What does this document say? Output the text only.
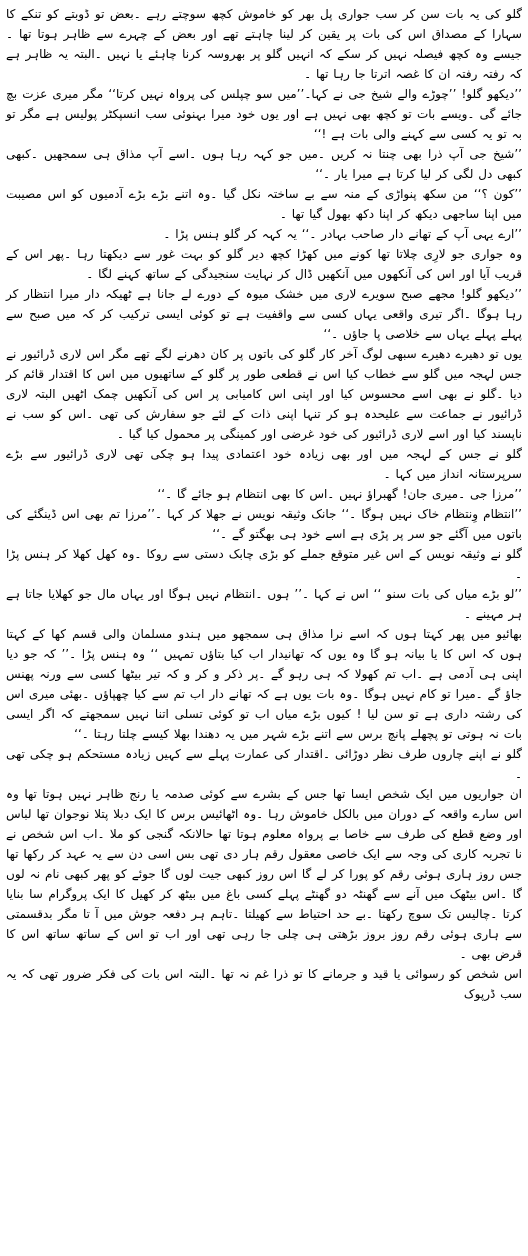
گلو کی یہ بات سن کر سب جواری پل بھر کو خاموش کچھ سوچتے رہے ۔بعض تو ڈوبتے کو تنکے کا سہارا کے مصداق اس کی بات پر یقین کر لینا چاہتے تھے اور بعض کے چہرے سے ظاہر ہوتا تھا ۔جیسے وہ کچھ فیصلہ نہیں کر سکے کہ انہیں گلو پر بھروسہ کرنا چاہئے یا نہیں ۔البتہ یہ ظاہر ہے کہ رفتہ رفتہ ان کا غصہ اترتا جا رہا تھا ۔

’’دیکھو گلو! ’’چوڑے والے شیخ جی نے کہا۔’’میں سو چپلس کی پرواہ نہیں کرتا‘‘ مگر میری عزت بچ جائے گی ۔ویسے بات تو کچھ بھی نہیں ہے اور یوں خود میرا بہنوئی سب انسپکٹر پولیس ہے مگر تو بہ تو یہ کسی سے کہنے والی بات ہے !‘‘

’’شیخ جی آپ ذرا بھی چنتا نہ کریں ۔میں جو کہہ رہا ہوں ۔اسے آپ مذاق ہی سمجھیں ۔کبھی کبھی دل لگی کر لیا کرتا ہے میرا یار ۔‘‘

’’کون ؟‘‘ من سکھ پنواڑی کے منہ سے بے ساختہ نکل گیا ۔وہ اتنے بڑے بڑے آدمیوں کو اس مصیبت میں اپنا ساجھی دیکھ کر اپنا دکھ بھول گیا تھا ۔

’’ارے یہی آپ کے تھانے دار صاحب بہادر ۔‘‘ یہ کہہ کر گلو ہنس پڑا ۔

وہ جواری جو لارِی چلاتا تھا کونے میں کھڑا کچھ دیر گلو کو بہت غور سے دیکھتا رہا ۔پھر اس کے قریب آیا اور اس کی آنکھوں میں آنکھیں ڈال کر نہایت سنجیدگی کے ساتھ کہنے لگا ۔

’’دیکھو گلو! مجھے صبح سویرے لاری میں خشک میوہ کے دورے لے جانا ہے ٹھیکہ دار میرا انتظار کر رہا ہوگا ۔اگر تیری واقعی یہاں کسی سے واقفیت ہے تو کوئی ایسی ترکیب کر کہ میں صبح سے پہلے پہلے یہاں سے خلاصی پا جاؤں ۔‘‘

یوں تو دھیرے دھیرے سبھی لوگ آخر کار گلو کی باتوں پر کان دھرنے لگے تھے مگر اس لاری ڈرائیور نے جس لہجہ میں گلو سے خطاب کیا اس نے قطعی طور پر گلو کے ساتھیوں میں اس کا اقتدار قائم کر دیا ۔گلو نے بھی اسے محسوس کیا اور اپنی اس کامیابی پر اس کی آنکھیں چمک اٹھیں البتہ لاری ڈرائیور نے جماعت سے علیحدہ ہو کر تنہا اپنی ذات کے لئے جو سفارش کی تھی ۔اس کو سب نے ناپسند کیا اور اسے لاری ڈرائیور کی خود غرضی اور کمینگی پر محمول کیا گیا ۔

گلو نے جس کے لہجہ میں اور بھی زیادہ خود اعتمادی پیدا ہو چکی تھی لاری ڈرائیور سے بڑے سرپرستانہ انداز میں کہا ۔

’’مرزا جی ۔میری جان! گھبراؤ نہیں ۔اس کا بھی انتظام ہو جائے گا ۔‘‘

’’انتظام وِنتظام خاک نہیں ہوگا ۔‘‘ جانک وثیقہ نویس نے جھلا کر کہا ۔’’مرزا تم بھی اس ڈینگئے کی باتوں میں آگئے جو سر پر پڑی ہے اسے خود ہی بھگتو گے ۔‘‘

گلو نے وثیقہ نویس کے اس غیر متوقع جملے کو بڑی چابک دستی سے روکا ۔وہ کھل کھلا کر ہنس پڑا ۔

’’لو بڑے میاں کی بات سنو ‘‘ اس نے کہا ۔’’ ہوں ۔انتظام نہیں ہوگا اور یہاں مال جو کھلایا جاتا ہے ہر مہینے ۔

بھائیو میں پھر کہتا ہوں کہ اسے نرا مذاق ہی سمجھو میں ہندو مسلمان والی قسم کھا کے کہتا ہوں کہ اس کا یا بیانہ ہو گا وہ یوں کہ تھانیدار اب کیا بتاؤں تمہیں ‘‘ وہ ہنس پڑا ۔’’ کہ جو دیا اپنی ہی آدمی ہے ۔اب تم کھولا کہ ہی رہو گے ۔پر ذکر و کر و کہ تیر بیٹھا کسی سے ورنہ پھنس جاؤ گے ۔میرا تو کام نہیں ہوگا ۔وہ بات یوں ہے کہ تھانے دار اب تم سے کیا چھپاؤں ۔بھئی میری اس کی رشتہ داری ہے تو سن لیا ! کیوں بڑے میاں اب تو کوئی تسلی اتنا نہیں سمجھتے کہ اگر ایسی بات نہ ہوتی تو پچھلے پانچ برس سے اتنے بڑے شہر میں یہ دھندا بھلا کیسے چلتا رہتا ۔‘‘

گلو نے اپنے چاروں طرف نظر دوڑائی ۔اقتدار کی عمارت پہلے سے کہیں زیادہ مستحکم ہو چکی تھی ۔

ان جواریوں میں ایک شخص ایسا تھا جس کے بشرے سے کوئی صدمہ یا رنج ظاہر نہیں ہوتا تھا وہ اس سارے واقعہ کے دوران میں بالکل خاموش رہا ۔وہ اٹھائیس برس کا ایک دبلا پتلا نوجوان تھا لباس اور وضع قطع کی طرف سے خاصا بے پرواہ معلوم ہوتا تھا حالانکہ گنجی کو ملا ۔اب اس شخص نے نا تجربہ کاری کی وجہ سے ایک خاصی معقول رقم ہار دی تھی بس اسی دن سے یہ عہد کر رکھا تھا جس روز ہاری ہوئی رقم کو پورا کر لے گا اس روز کبھی جیت لوں گا جوئے کو پھر کبھی نام نہ لوں گا ۔اس بیٹھک میں آنے سے گھنٹہ دو گھنٹے پہلے کسی باغ میں بیٹھ کر کھیل کا ایک پروگرام سا بنایا کرتا ۔چالیس تک سوچ رکھتا ۔بے حد احتیاط سے کھیلتا ۔تاہم ہر دفعہ جوش میں آ تا مگر بدقسمتی سے ہاری ہوئی رقم روز بروز بڑھتی ہی چلی جا رہی تھی اور اب تو اس کے ساتھ ساتھ اس کا قرض بھی ۔

اس شخص کو رسوائی یا قید و جرمانے کا تو ذرا غم نہ تھا ۔البتہ اس بات کی فکر ضرور تھی کہ یہ سب ڈرپوک
